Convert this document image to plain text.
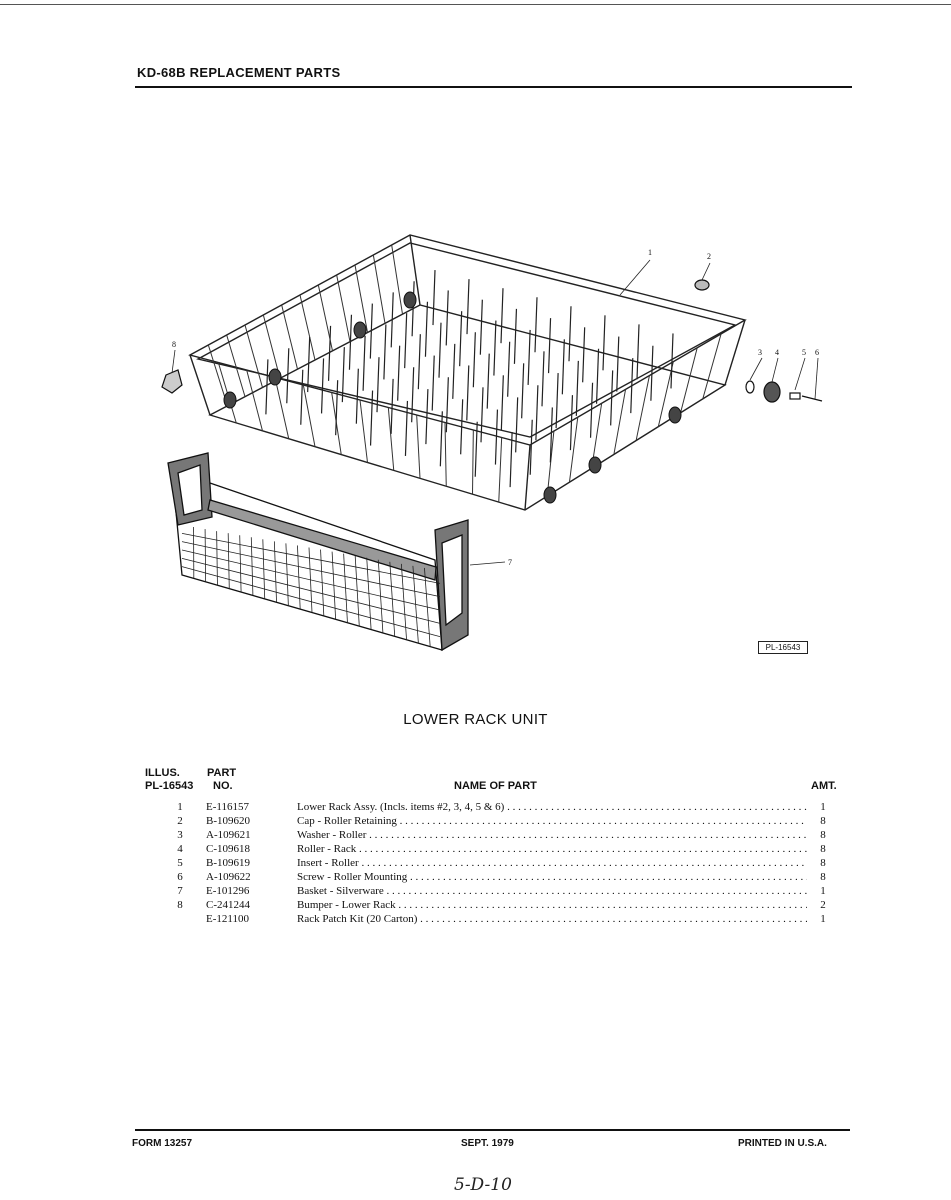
KD-68B REPLACEMENT PARTS
1	2
3 4	5 6
7
8
PL-16543
LOWER RACK UNIT
ILLUS.
PL-16543
PART
NO.	NAME OF PART	AMT.
1 E-116157	Lower Rack Assy. (Incls. items #2, 3, 4, 5 & 6) . . .	1
2 B-109620	Cap - Roller Retaining . . .	8
3 A-109621	Washer - Roller . . .	8
4 C-109618	Roller - Rack . . .	8
5 B-109619	Insert - Roller . . .	8
6 A-109622	Screw - Roller Mounting . . .	8
7 E-101296	Basket - Silverware . . .	1
8 C-241244	Bumper - Lower Rack . . .	2
E-121100	Rack Patch Kit (20 Carton) . . .	1
FORM 13257	SEPT. 1979	PRINTED IN U.S.A.
5-D-10
